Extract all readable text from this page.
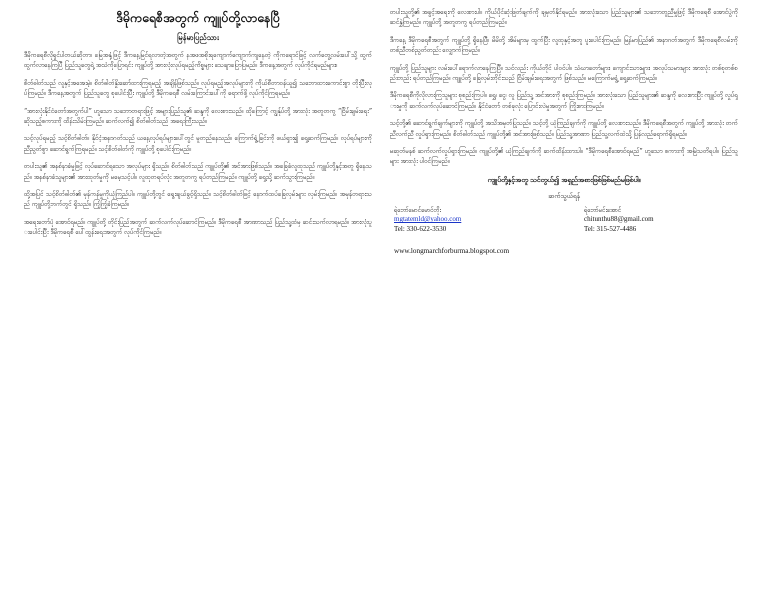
ဒီမိုကရေစီအတွက် ကျူပ်တို့လာနေပြီ
မြန်မာပြည်သား

ဒီမိုကရေစီလိုရှင်ပါတယ်ဆိုတာ၊ မြေအနှံ့ဖြင့် ဒီကနေ့မြင်ရလာတဲ့အတွက် နအဖအစိုးရကျောက်ကျောက်ကျနေတဲ့ ကိုကရောင်ဖြင့် လက်တွေ့လမ်းပေါ်သို့ ထွက်ထွက်လာနေကြပြီ ပြည်သူတွေရဲ့ အသံကိုပြောရင်း ကျူပ်တို့ အားလုံးလုပ်ရမည့်ကိစ္စများ သေချာပြောပြမည်။ ဒီကနေ့အတွက် လုပ်ကိုင်ရမည်များ။

စိတ်ဓါတ်သည် လူနှင့်အအေးမဲ့။ စိတ်ဓါတ်နှိုးဆော်ထားကြရမည့် အချိန်ဖြစ်သည်။ လုပ်ရမည့်အလုပ်များကို ကိုယ်စီတာဝန်ယူ၍ သဘောထားကောင်းစွာ တိုးပြီးလုပ်ကြမည်။ ဒီကနေ့အတွက် ပြည်သူတွေ စုပေါင်းပြီး ကျူပ်တို့ ဒီမိုကရေစီ လမ်းကြောင်းပေါ်ကို ရောက်ဖို့ လုပ်ကိုင်ကြရမည်။

“အားလုံးနိုင်ငံတော်အတွက်ပါ” ဟူသော သဘောတရားဖြင့် အများပြည်သူ၏ ဆန္ဒကို လေးစားသည်။ ထိုကြောင့် ကျွန်ုပ်တို့ အားလုံး အတူတကွ “ငြိမ်းချမ်းရေး” ဆိုသည့်စကားကို ထိန်းသိမ်းကြမည်။ ဆက်လက်၍ စိတ်ဓါတ်သည် အရေးကြီးသည်။

သင့်လုပ်ရမည့် သင့်စိတ်ဓါတ်။ နိုင်ငံ့အနာဂတ်သည် ယနေ့လုပ်ရပ်များပေါ်တွင် မူတည်နေသည်။ ကြောက်ရွံ့ခြင်းကို ဖယ်ရှား၍ ရှေ့ဆက်ကြမည်။ လုပ်ရပ်များကို ညီညွတ်စွာ ဆောင်ရွက်ကြရမည်။ သင့်စိတ်ဓါတ်ကို ကျူပ်တို့ စုပေါင်းကြမည်။

တပါးသူ၏ အနစ်နာခံမှုဖြင့် လုပ်ဆောင်ရသော အလုပ်များ ရှိသည်။ စိတ်ဓါတ်သည် ကျူပ်တို့၏ အင်အားဖြစ်သည်။ အခြေခံလူထုသည် ကျူပ်တို့နှင့်အတူ ရှိနေသည်။ အနစ်နာခံသူများ၏ အားထုတ်မှုကို မမေ့သင့်ပါ။ လူထုတရပ်လုံး အတူတကွ ရပ်တည်ကြမည်။ ကျူပ်တို့ ရှေ့သို့ ဆက်သွားကြမည်။

ထို့အပြင် သင့်စိတ်ဓါတ်၏ မှန်ကန်မှုကိုယုံကြည်ပါ။ ကျူပ်တို့တွင် ရွေးချယ်ခွင့်ရှိသည်။ သင့်စိတ်ဓါတ်ဖြင့် နောက်ထပ်ခြေလှမ်းများ လှမ်းကြမည်။ အမှန်တရားသည် ကျူပ်တို့ဘက်တွင် ရှိသည်။ ကြံ့ကြံ့ခံကြမည်။

အရေးတော်ပုံ အောင်ရမည်။ ကျူပ်တို့ တိုင်းပြည်အတွက် ဆက်လက်လုပ်ဆောင်ကြမည်။ ဒီမိုကရေစီ အာဏာသည် ပြည်သူ့ထံမှ ဆင်းသက်လာရမည်။ အားလုံးပူးပေါင်းပြီး ဒီမိုကရေစီ ပေါ်ထွန်းရေးအတွက် လုပ်ကိုင်ကြမည်။

တပါးသူတို့၏ အခွင့်အရေးကို လေးစားပါ။ ကိုယ်ပိုင်ဆုံးဖြတ်ချက်ကို ချမှတ်နိုင်ရမည်။ အားလုံးသော ပြည်သူများ၏ သဘောတူညီမှုဖြင့် ဒီမိုကရေစီ အောင်ပွဲကို ဆင်နွှဲကြမည်။ ကျူပ်တို့ အတူတကွ ရပ်တည်ကြမည်။

ဒီကနေ့ ဒီမိုကရေစီအတွက် ကျူပ်တို့ ရှိနေပြီ။ မိမိတို့ အိမ်များမှ ထွက်ပြီး လူထုနှင့်အတူ ပူးပေါင်းကြမည်။ မြန်မာပြည်၏ အနာဂတ်အတွက် ဒီမိုကရေစီလမ်းကို တစ်ညီတစ်ညွတ်တည်း လျှောက်ကြမည်။

ကျူပ်တို့ ပြည်သူများ လမ်းပေါ်ရောက်လာနေကြပြီ။ သင်လည်း ကိုယ်တိုင် ပါဝင်ပါ။ သံဃာတော်များ၊ ကျောင်းသားများ၊ အလုပ်သမားများ အားလုံး တစ်စုတစ်စည်းတည်း ရပ်တည်ကြမည်။ ကျူပ်တို့ ခြေလှမ်းတိုင်းသည် ငြိမ်းချမ်းရေးအတွက် ဖြစ်သည်။ မကြောက်မရွံ့ ရှေ့ဆက်ကြမည်။

ဒီမိုကရေစီကိုလိုလားကြသူများ စုစည်းကြပါ။ ရွှေ၊ ငွေ၊ လူ ပြည်သူ့ အင်အားကို စုစည်းကြမည်။ အားလုံးသော ပြည်သူများ၏ ဆန္ဒကို လေးစားပြီး ကျူပ်တို့ လှုပ်ရှားမှုကို ဆက်လက်လုပ်ဆောင်ကြမည်။ နိုင်ငံတော် တစ်ခုလုံး ပြောင်းလဲမှုအတွက် ကြိုးစားကြမည်။

သင့်တို့၏ ဆောင်ရွက်ချက်များကို ကျူပ်တို့ အသိအမှတ်ပြုသည်။ သင့်တို့ ယုံကြည်ချက်ကို ကျူပ်တို့ လေးစားသည်။ ဒီမိုကရေစီအတွက် ကျူပ်တို့ အားလုံး တက်ညီလက်ညီ လှုပ်ရှားကြမည်။ စိတ်ဓါတ်သည် ကျူပ်တို့၏ အင်အားဖြစ်သည်။ ပြည်သူ့အာဏာ ပြည်သူ့လက်ထဲသို့ ပြန်လည်ရောက်ရှိရမည်။

မဆုတ်မနစ် ဆက်လက်လှုပ်ရှားကြမည်။ ကျူပ်တို့၏ ယုံကြည်ချက်ကို ဆက်ထိန်းထားပါ။ “ဒီမိုကရေစီအောင်ရမည်” ဟူသော စကားကို အမြဲသတိရပါ။ ပြည်သူများ အားလုံး ပါဝင်ကြမည်။

ကျူပ်တို့နှင့်အတူ သင်တွယ်၍ အရှည်အစားဖြစ်ဖြစ်မည်မဖြစ်ပါ။
ဆက်သွယ်ရန်
ရဲဘော်မောင်မောင်တိုး
mgtatemld@yahoo.com
Tel: 330-622-3530
ရဲဘော်မင်းအောင်
chitunthu88@gmail.com
Tel: 315-527-4486
www.longmarchforburma.blogspot.com
